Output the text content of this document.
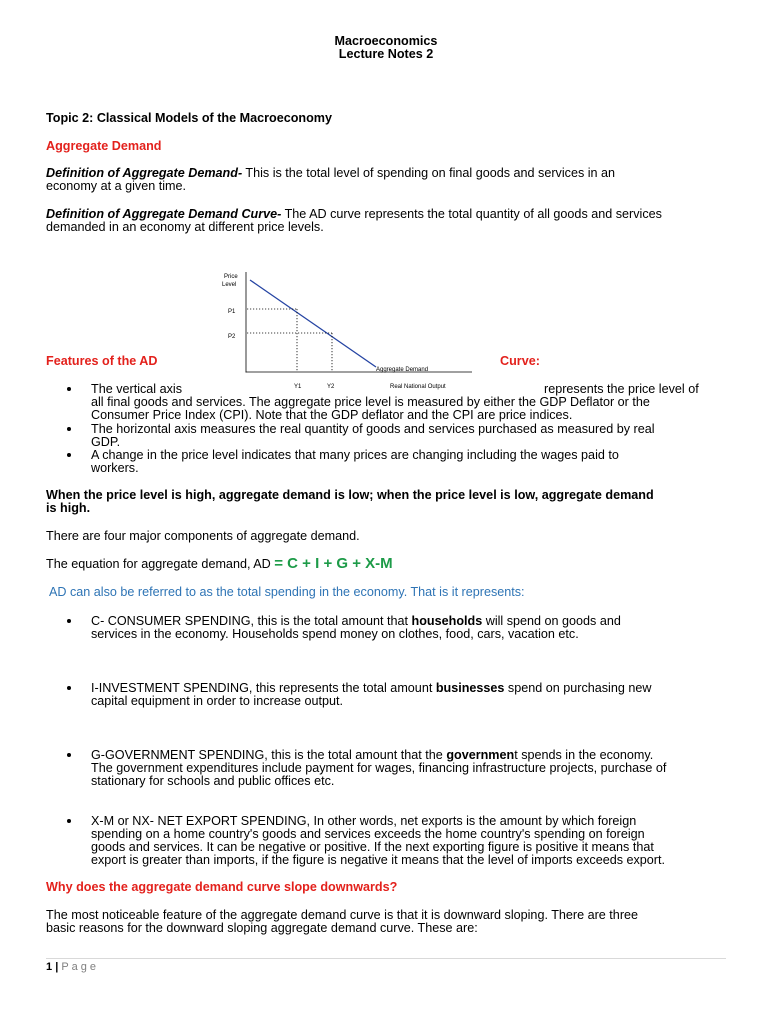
Macroeconomics
Lecture Notes 2
Topic 2: Classical Models of the Macroeconomy
Aggregate Demand
Definition of Aggregate Demand- This is the total level of spending on final goods and services in an
economy at a given time.
Definition of Aggregate Demand Curve- The AD curve represents the total quantity of all goods and services
demanded in an economy at different price levels.
Price
Level
P1
P2
Aggregate Demand
Y1	Y2	Real National Output
Features of the AD	Curve:
The vertical axis	represents the price level of
all final goods and services. The aggregate price level is measured by either the GDP Deflator or the
Consumer Price Index (CPI). Note that the GDP deflator and the CPI are price indices.
The horizontal axis measures the real quantity of goods and services purchased as measured by real
GDP.
A change in the price level indicates that many prices are changing including the wages paid to
workers.
When the price level is high, aggregate demand is low; when the price level is low, aggregate demand
is high.
There are four major components of aggregate demand.
The equation for aggregate demand, AD = C + I + G + X-M
AD can also be referred to as the total spending in the economy. That is it represents:
C- CONSUMER SPENDING, this is the total amount that households will spend on goods and
services in the economy. Households spend money on clothes, food, cars, vacation etc.
I-INVESTMENT SPENDING, this represents the total amount businesses spend on purchasing new
capital equipment in order to increase output.
G-GOVERNMENT SPENDING, this is the total amount that the government spends in the economy.
The government expenditures include payment for wages, financing infrastructure projects, purchase of
stationary for schools and public offices etc.
X-M or NX- NET EXPORT SPENDING, In other words, net exports is the amount by which foreign
spending on a home country's goods and services exceeds the home country's spending on foreign
goods and services. It can be negative or positive. If the next exporting figure is positive it means that
export is greater than imports, if the figure is negative it means that the level of imports exceeds export.
Why does the aggregate demand curve slope downwards?
The most noticeable feature of the aggregate demand curve is that it is downward sloping. There are three
basic reasons for the downward sloping aggregate demand curve. These are:
1 | Page
